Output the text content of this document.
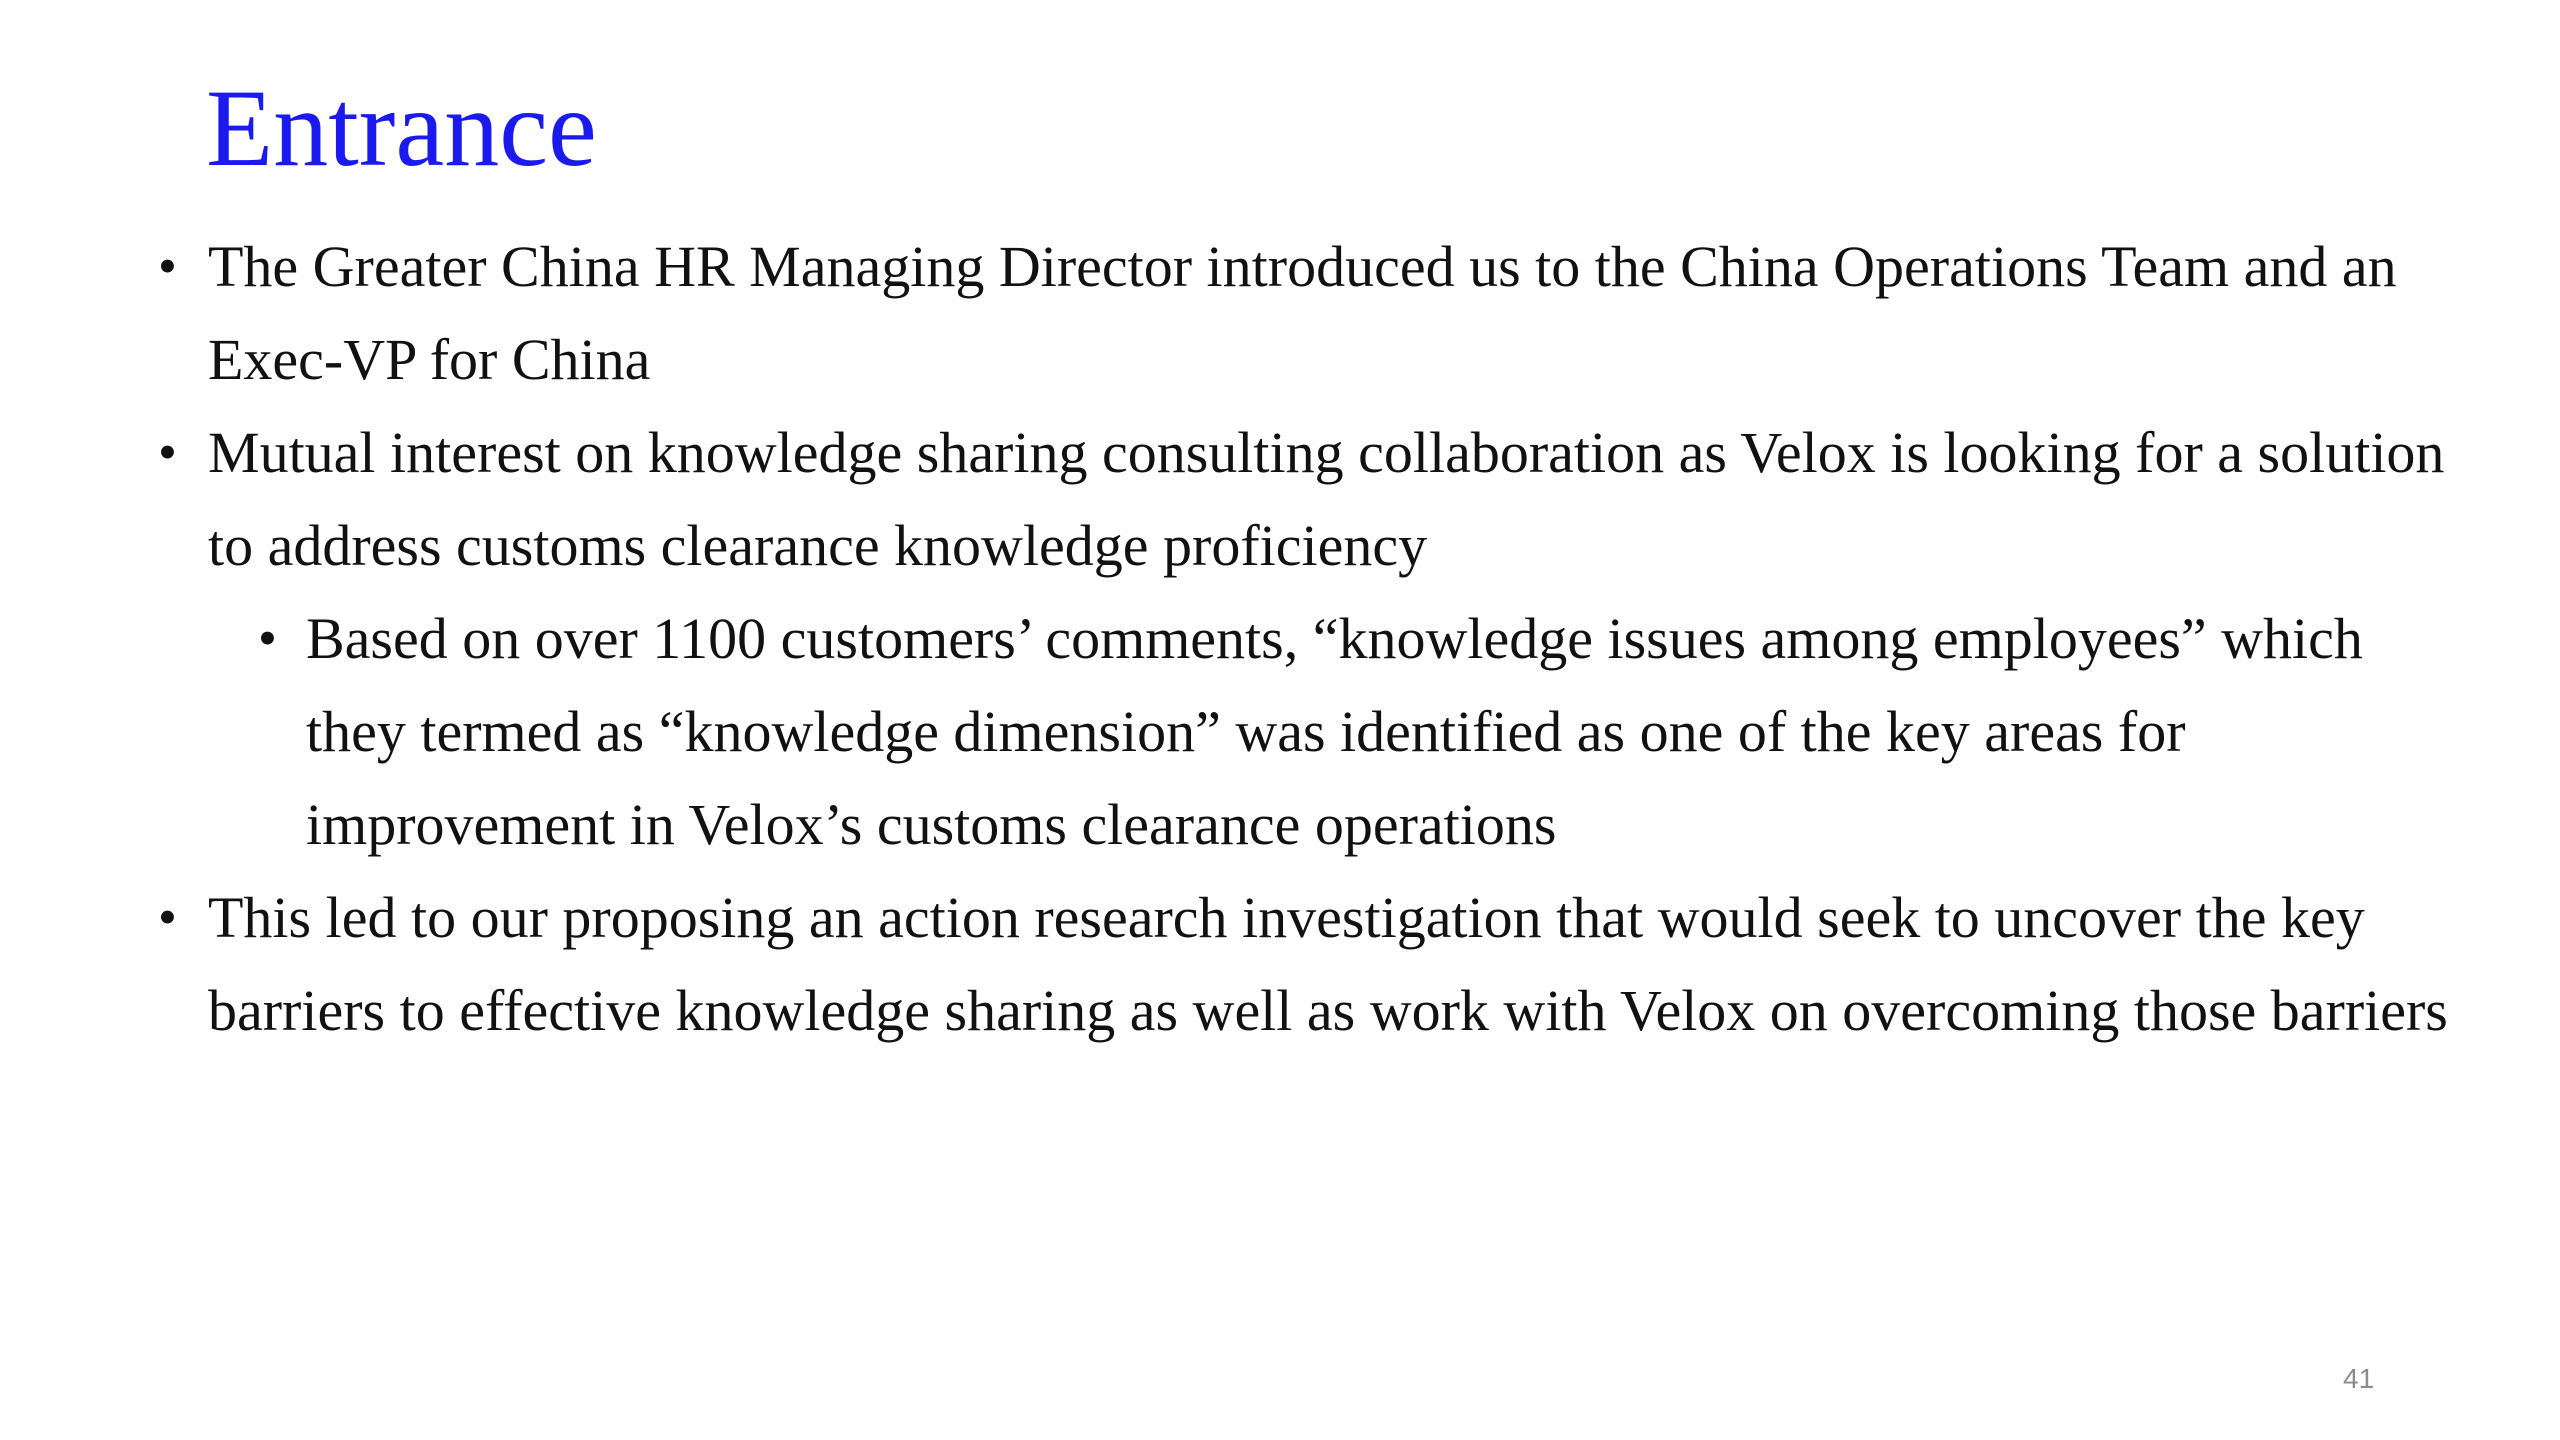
Entrance

• The Greater China HR Managing Director introduced us to the China Operations Team and an Exec-VP for China

• Mutual interest on knowledge sharing consulting collaboration as Velox is looking for a solution to address customs clearance knowledge proficiency

• Based on over 1100 customers’ comments, “knowledge issues among employees” which they termed as “knowledge dimension” was identified as one of the key areas for improvement in Velox’s customs clearance operations

• This led to our proposing an action research investigation that would seek to uncover the key barriers to effective knowledge sharing as well as work with Velox on overcoming those barriers

41
